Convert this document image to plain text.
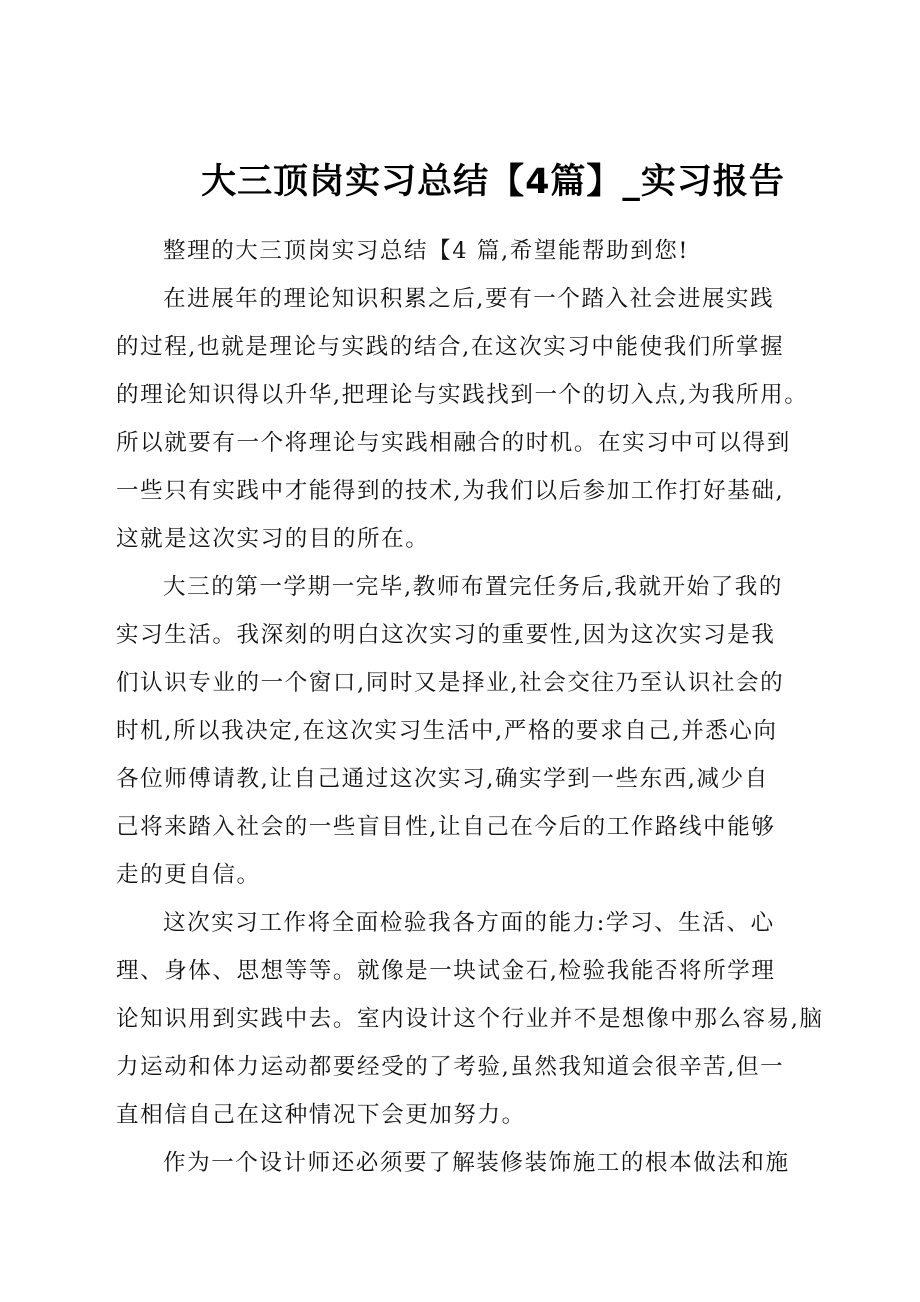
大三顶岗实习总结【4篇】_实习报告
整理的大三顶岗实习总结【4 篇,希望能帮助到您!
在进展年的理论知识积累之后,要有一个踏入社会进展实践
的过程,也就是理论与实践的结合,在这次实习中能使我们所掌握
的理论知识得以升华,把理论与实践找到一个的切入点,为我所用。
所以就要有一个将理论与实践相融合的时机。在实习中可以得到
一些只有实践中才能得到的技术,为我们以后参加工作打好基础,
这就是这次实习的目的所在。
大三的第一学期一完毕,教师布置完任务后,我就开始了我的
实习生活。我深刻的明白这次实习的重要性,因为这次实习是我
们认识专业的一个窗口,同时又是择业,社会交往乃至认识社会的
时机,所以我决定,在这次实习生活中,严格的要求自己,并悉心向
各位师傅请教,让自己通过这次实习,确实学到一些东西,减少自
己将来踏入社会的一些盲目性,让自己在今后的工作路线中能够
走的更自信。
这次实习工作将全面检验我各方面的能力:学习、生活、心
理、身体、思想等等。就像是一块试金石,检验我能否将所学理
论知识用到实践中去。室内设计这个行业并不是想像中那么容易,脑
力运动和体力运动都要经受的了考验,虽然我知道会很辛苦,但一
直相信自己在这种情况下会更加努力。
作为一个设计师还必须要了解装修装饰施工的根本做法和施
